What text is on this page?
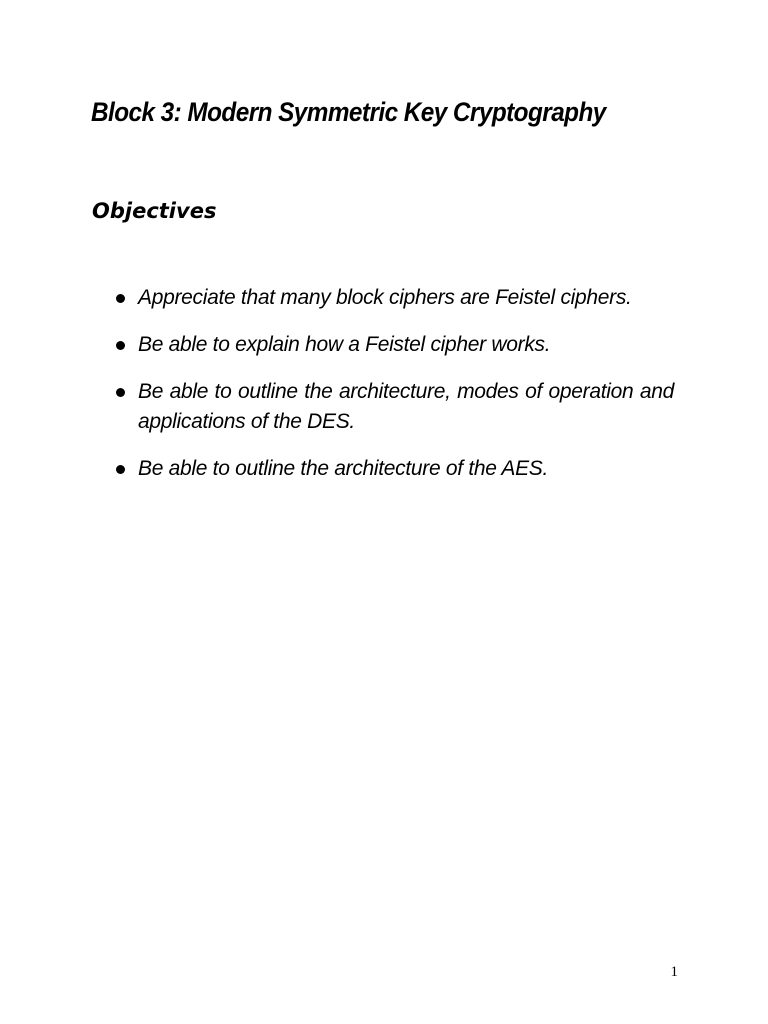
Block 3: Modern Symmetric Key Cryptography
Objectives
Appreciate that many block ciphers are Feistel ciphers.
Be able to explain how a Feistel cipher works.
Be able to outline the architecture, modes of operation and applications of the DES.
Be able to outline the architecture of the AES.
1
